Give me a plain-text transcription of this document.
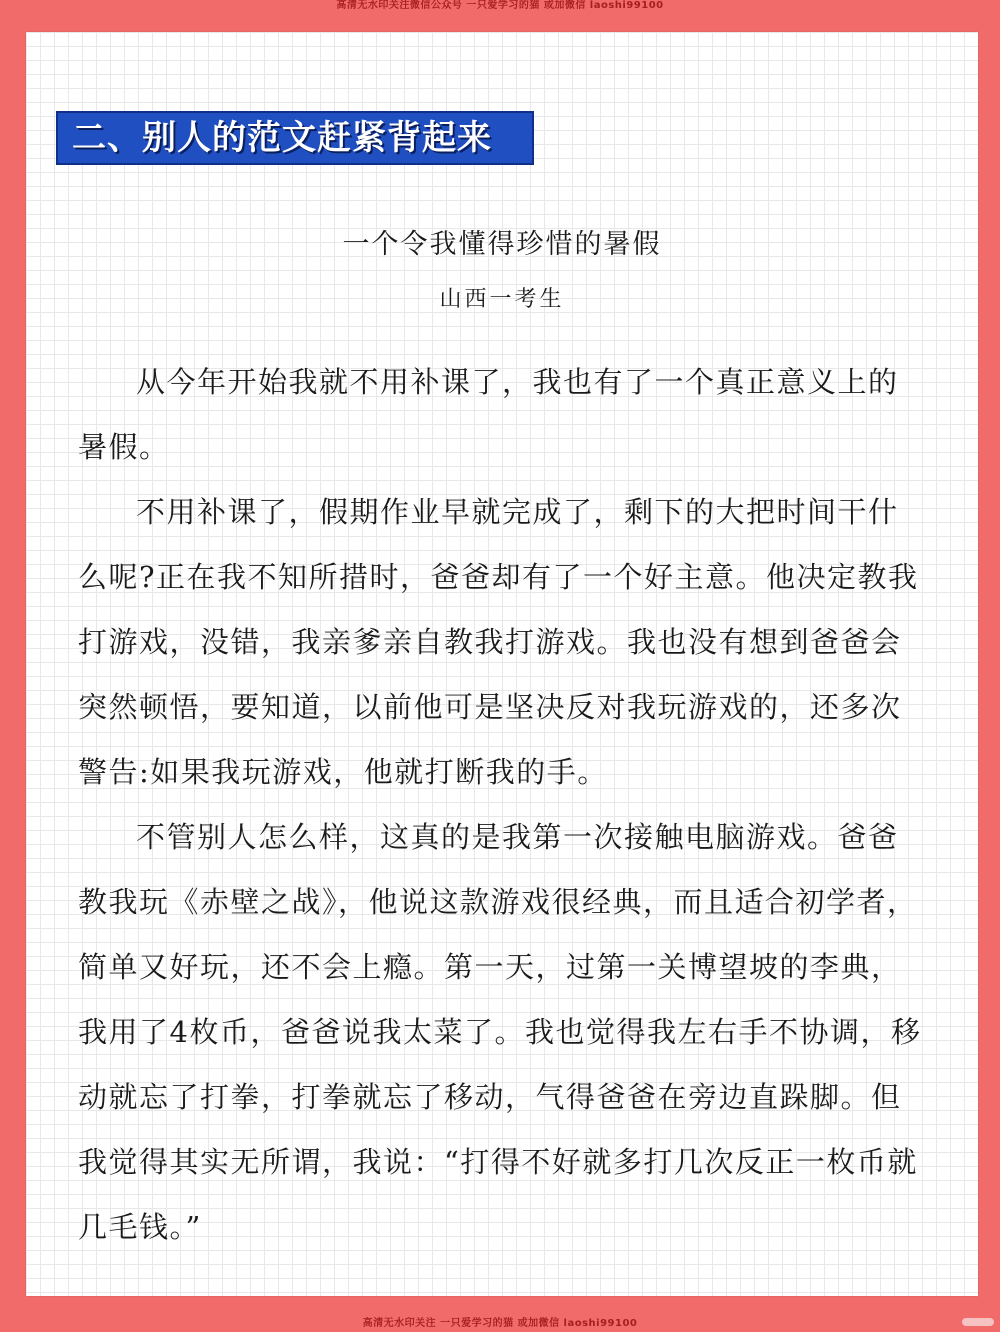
高清无水印关注微信公众号 一只爱学习的猫 或加微信 laoshi99100
二、别人的范文赶紧背起来
一个令我懂得珍惜的暑假
山西一考生

从今年开始我就不用补课了，我也有了一个真正意义上的暑假。

不用补课了，假期作业早就完成了，剩下的大把时间干什么呢?正在我不知所措时，爸爸却有了一个好主意。他决定教我打游戏，没错，我亲爹亲自教我打游戏。我也没有想到爸爸会突然顿悟，要知道，以前他可是坚决反对我玩游戏的，还多次警告:如果我玩游戏，他就打断我的手。

不管别人怎么样，这真的是我第一次接触电脑游戏。爸爸教我玩《赤壁之战》，他说这款游戏很经典，而且适合初学者，简单又好玩，还不会上瘾。第一天，过第一关博望坡的李典，我用了4枚币，爸爸说我太菜了。我也觉得我左右手不协调，移动就忘了打拳，打拳就忘了移动，气得爸爸在旁边直跺脚。但我觉得其实无所谓，我说：“打得不好就多打几次反正一枚币就几毛钱。”

高清无水印关注 一只爱学习的猫 或加微信 laoshi99100
